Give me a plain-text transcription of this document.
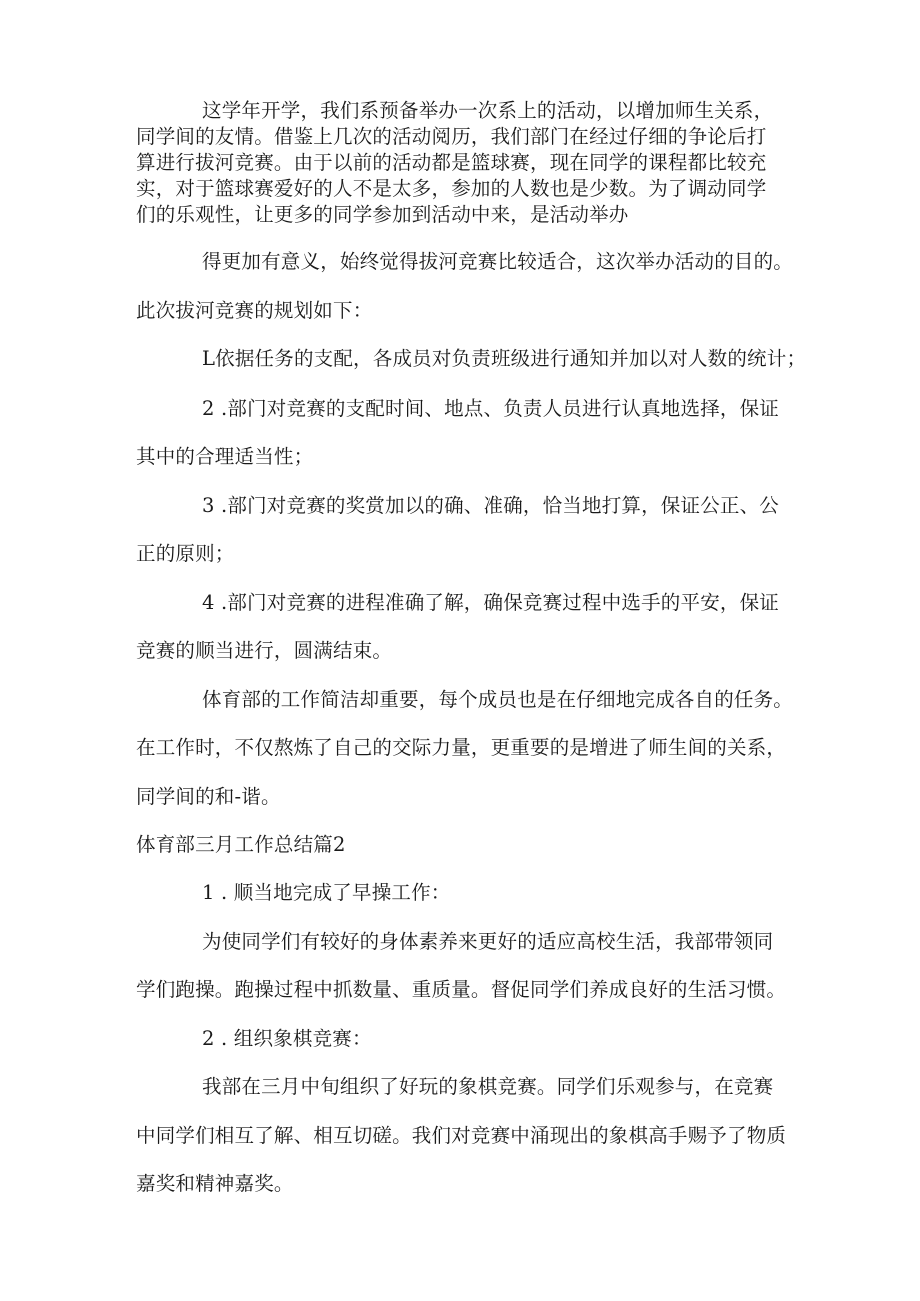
这学年开学，我们系预备举办一次系上的活动，以增加师生关系，
同学间的友情。借鉴上几次的活动阅历，我们部门在经过仔细的争论后打
算进行拔河竞赛。由于以前的活动都是篮球赛，现在同学的课程都比较充
实，对于篮球赛爱好的人不是太多，参加的人数也是少数。为了调动同学
们的乐观性，让更多的同学参加到活动中来，是活动举办
得更加有意义，始终觉得拔河竞赛比较适合，这次举办活动的目的。
此次拔河竞赛的规划如下：
L依据任务的支配，各成员对负责班级进行通知并加以对人数的统计；
2 .部门对竞赛的支配时间、地点、负责人员进行认真地选择，保证
其中的合理适当性；
3 .部门对竞赛的奖赏加以的确、准确，恰当地打算，保证公正、公
正的原则；
4 .部门对竞赛的进程准确了解，确保竞赛过程中选手的平安，保证
竞赛的顺当进行，圆满结束。
体育部的工作简洁却重要，每个成员也是在仔细地完成各自的任务。
在工作时，不仅熬炼了自己的交际力量，更重要的是增进了师生间的关系，
同学间的和-谐。
体育部三月工作总结篇2
1 . 顺当地完成了早操工作：
为使同学们有较好的身体素养来更好的适应高校生活，我部带领同
学们跑操。跑操过程中抓数量、重质量。督促同学们养成良好的生活习惯。
2 . 组织象棋竞赛：
我部在三月中旬组织了好玩的象棋竞赛。同学们乐观参与，在竞赛
中同学们相互了解、相互切磋。我们对竞赛中涌现出的象棋高手赐予了物质
嘉奖和精神嘉奖。
